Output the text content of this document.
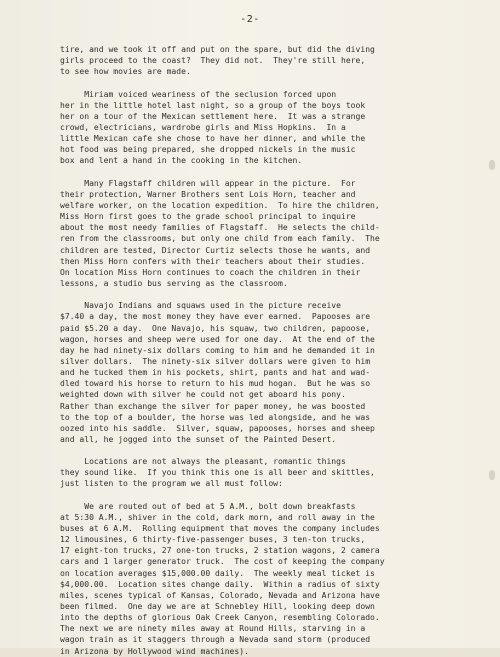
-2-
tire, and we took it off and put on the spare, but did the diving
girls proceed to the coast?  They did not.  They're still here,
to see how movies are made.
Miriam voiced weariness of the seclusion forced upon
her in the little hotel last night, so a group of the boys took
her on a tour of the Mexican settlement here.  It was a strange
crowd, electricians, wardrobe girls and Miss Hopkins.  In a
little Mexican cafe she chose to have her dinner, and while the
hot food was being prepared, she dropped nickels in the music
box and lent a hand in the cooking in the kitchen.
Many Flagstaff children will appear in the picture.  For
their protection, Warner Brothers sent Lois Horn, teacher and
welfare worker, on the location expedition.  To hire the children,
Miss Horn first goes to the grade school principal to inquire
about the most needy families of Flagstaff.  He selects the child-
ren from the classrooms, but only one child from each family.  The
children are tested, Director Curtiz selects those he wants, and
then Miss Horn confers with their teachers about their studies.
On location Miss Horn continues to coach the children in their
lessons, a studio bus serving as the classroom.
Navajo Indians and squaws used in the picture receive
$7.40 a day, the most money they have ever earned.  Papooses are
paid $5.20 a day.  One Navajo, his squaw, two children, papoose,
wagon, horses and sheep were used for one day.  At the end of the
day he had ninety-six dollars coming to him and he demanded it in
silver dollars.  The ninety-six silver dollars were given to him
and he tucked them in his pockets, shirt, pants and hat and wad-
dled toward his horse to return to his mud hogan.  But he was so
weighted down with silver he could not get aboard his pony.
Rather than exchange the silver for paper money, he was boosted
to the top of a boulder, the horse was led alongside, and he was
oozed into his saddle.  Silver, squaw, papooses, horses and sheep
and all, he jogged into the sunset of the Painted Desert.
Locations are not always the pleasant, romantic things
they sound like.  If you think this one is all beer and skittles,
just listen to the program we all must follow:
We are routed out of bed at 5 A.M., bolt down breakfasts
at 5:30 A.M., shiver in the cold, dark morn, and roll away in the
buses at 6 A.M.  Rolling equipment that moves the company includes
12 limousines, 6 thirty-five-passenger buses, 3 ten-ton trucks,
17 eight-ton trucks, 27 one-ton trucks, 2 station wagons, 2 camera
cars and 1 larger generator truck.  The cost of keeping the company
on location averages $15,000.00 daily.  The weekly meal ticket is
$4,000.00.  Location sites change daily.  Within a radius of sixty
miles, scenes typical of Kansas, Colorado, Nevada and Arizona have
been filmed.  One day we are at Schnebley Hill, looking deep down
into the depths of glorious Oak Creek Canyon, resembling Colorado.
The next we are ninety miles away at Round Hills, starving in a
wagon train as it staggers through a Nevada sand storm (produced
in Arizona by Hollywood wind machines).
